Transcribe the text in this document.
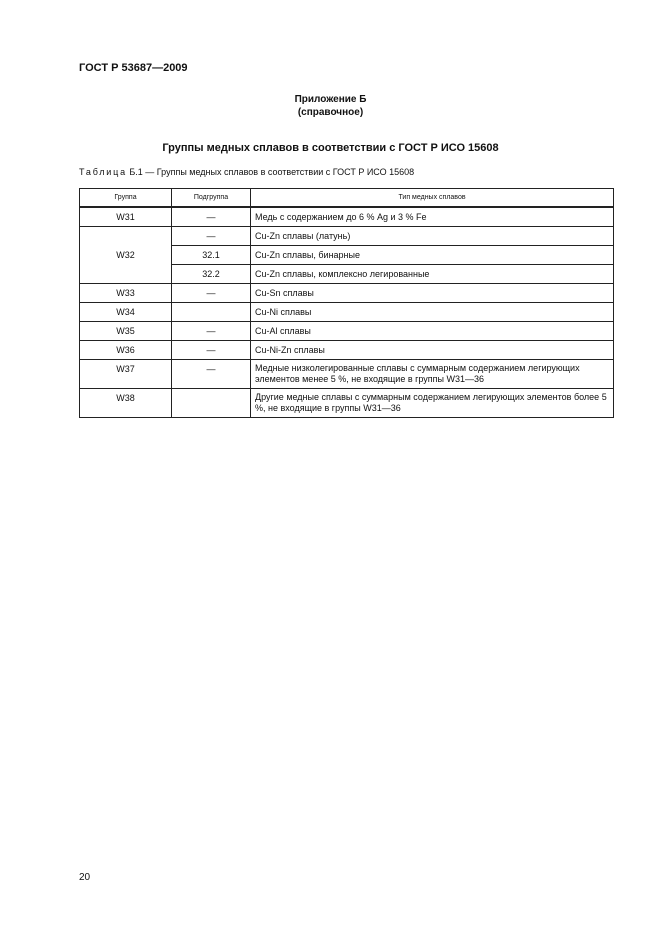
ГОСТ Р 53687—2009
Приложение Б
(справочное)
Группы медных сплавов в соответствии с ГОСТ Р ИСО 15608
Таблица Б.1 — Группы медных сплавов в соответствии с ГОСТ Р ИСО 15608
Группа	Подгруппа	Тип медных сплавов
W31	—	Медь с содержанием до 6 % Ag и 3 % Fe
W32	—	Cu-Zn сплавы (латунь)
	32.1	Cu-Zn сплавы, бинарные
	32.2	Cu-Zn сплавы, комплексно легированные
W33	—	Cu-Sn сплавы
W34		Cu-Ni сплавы
W35	—	Cu-Al сплавы
W36	—	Cu-Ni-Zn сплавы
W37	—	Медные низколегированные сплавы с суммарным содержанием легирующих элементов менее 5 %, не входящие в группы W31—36
W38		Другие медные сплавы с суммарным содержанием легирующих элементов более 5 %, не входящие в группы W31—36
20
